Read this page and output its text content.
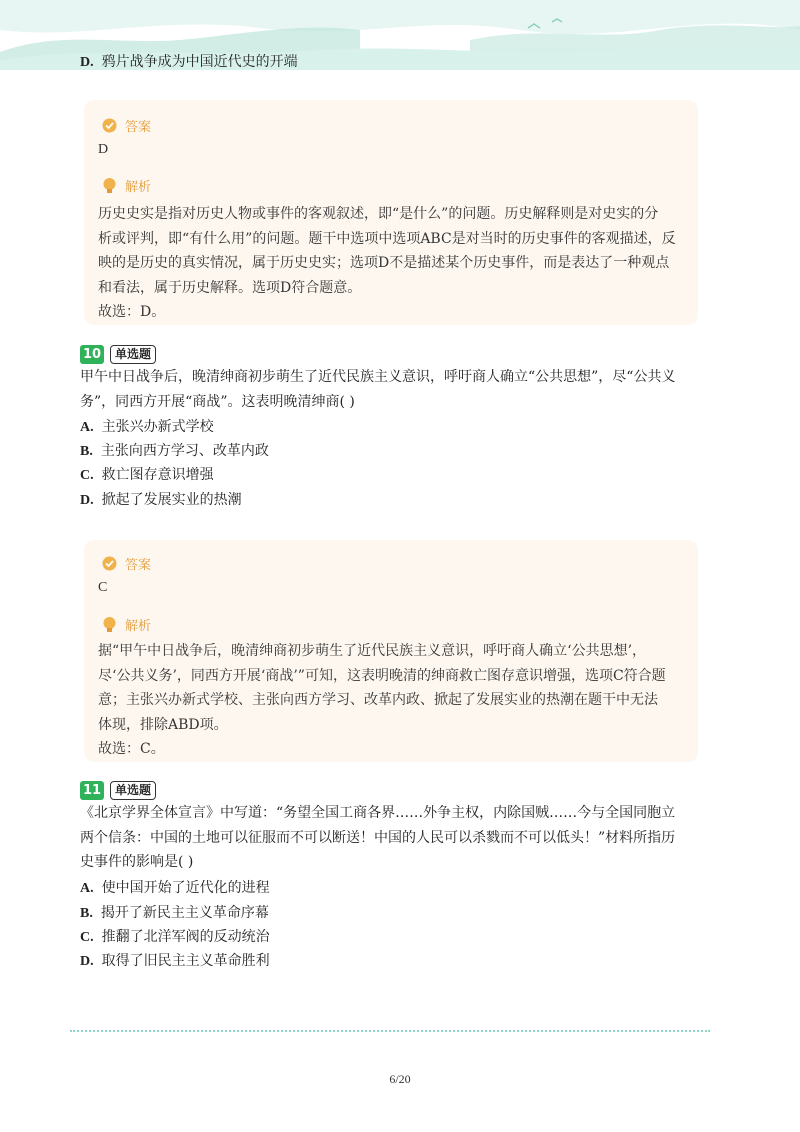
D. 鸦片战争成为中国近代史的开端
答案
D
解析

历史史实是指对历史人物或事件的客观叙述，即“是什么”的问题。历史解释则是对史实的分

析或评判，即“有什么用”的问题。题干中选项中选项ABC是对当时的历史事件的客观描述，反

映的是历史的真实情况，属于历史史实；选项D不是描述某个历史事件，而是表达了一种观点

和看法，属于历史解释。选项D符合题意。

故选：D。

10	单选题

甲午中日战争后，晚清绅商初步萌生了近代民族主义意识，呼吁商人确立“公共思想”，尽“公共义

务”，同西方开展“商战”。这表明晚清绅商( )

A. 主张兴办新式学校
B. 主张向西方学习、改革内政
C. 救亡图存意识增强
D. 掀起了发展实业的热潮
答案
C
解析

据“甲午中日战争后，晚清绅商初步萌生了近代民族主义意识，呼吁商人确立‘公共思想’，

尽‘公共义务’，同西方开展‘商战’”可知，这表明晚清的绅商救亡图存意识增强，选项C符合题

意；主张兴办新式学校、主张向西方学习、改革内政、掀起了发展实业的热潮在题干中无法

体现，排除ABD项。

故选：C。

11	单选题

《北京学界全体宣言》中写道：“务望全国工商各界……外争主权，内除国贼……今与全国同胞立

两个信条：中国的土地可以征服而不可以断送！中国的人民可以杀戮而不可以低头！”材料所指历

史事件的影响是( )

A. 使中国开始了近代化的进程
B. 揭开了新民主主义革命序幕
C. 推翻了北洋军阀的反动统治
D. 取得了旧民主主义革命胜利
6/20
